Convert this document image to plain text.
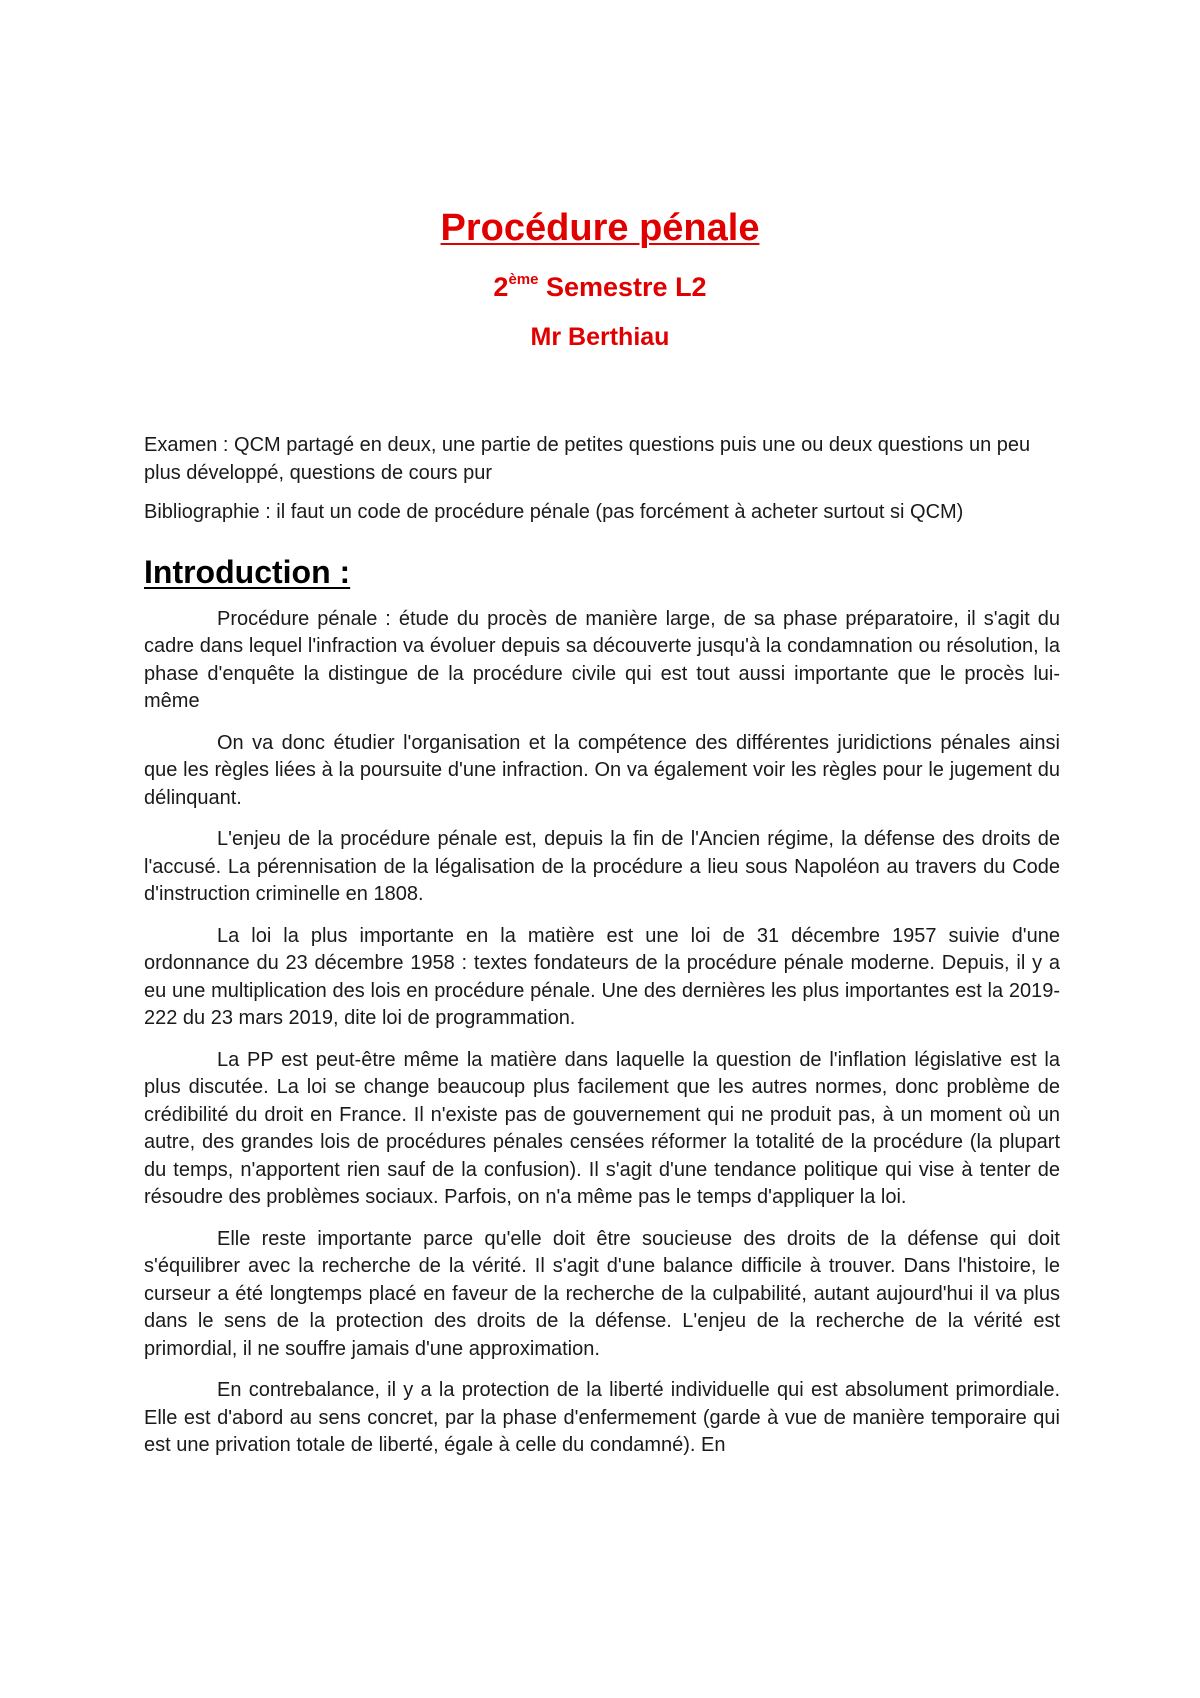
Procédure pénale
2ème Semestre L2
Mr Berthiau

Examen : QCM partagé en deux, une partie de petites questions puis une ou deux questions un peu plus développé, questions de cours pur

Bibliographie : il faut un code de procédure pénale (pas forcément à acheter surtout si QCM)

Introduction :

Procédure pénale : étude du procès de manière large, de sa phase préparatoire, il s'agit du cadre dans lequel l'infraction va évoluer depuis sa découverte jusqu'à la condamnation ou résolution, la phase d'enquête la distingue de la procédure civile qui est tout aussi importante que le procès lui-même

On va donc étudier l'organisation et la compétence des différentes juridictions pénales ainsi que les règles liées à la poursuite d'une infraction. On va également voir les règles pour le jugement du délinquant.

L'enjeu de la procédure pénale est, depuis la fin de l'Ancien régime, la défense des droits de l'accusé. La pérennisation de la légalisation de la procédure a lieu sous Napoléon au travers du Code d'instruction criminelle en 1808.

La loi la plus importante en la matière est une loi de 31 décembre 1957 suivie d'une ordonnance du 23 décembre 1958 : textes fondateurs de la procédure pénale moderne. Depuis, il y a eu une multiplication des lois en procédure pénale. Une des dernières les plus importantes est la 2019-222 du 23 mars 2019, dite loi de programmation.

La PP est peut-être même la matière dans laquelle la question de l'inflation législative est la plus discutée. La loi se change beaucoup plus facilement que les autres normes, donc problème de crédibilité du droit en France. Il n'existe pas de gouvernement qui ne produit pas, à un moment où un autre, des grandes lois de procédures pénales censées réformer la totalité de la procédure (la plupart du temps, n'apportent rien sauf de la confusion). Il s'agit d'une tendance politique qui vise à tenter de résoudre des problèmes sociaux. Parfois, on n'a même pas le temps d'appliquer la loi.

Elle reste importante parce qu'elle doit être soucieuse des droits de la défense qui doit s'équilibrer avec la recherche de la vérité. Il s'agit d'une balance difficile à trouver. Dans l'histoire, le curseur a été longtemps placé en faveur de la recherche de la culpabilité, autant aujourd'hui il va plus dans le sens de la protection des droits de la défense. L'enjeu de la recherche de la vérité est primordial, il ne souffre jamais d'une approximation.

En contrebalance, il y a la protection de la liberté individuelle qui est absolument primordiale. Elle est d'abord au sens concret, par la phase d'enfermement (garde à vue de manière temporaire qui est une privation totale de liberté, égale à celle du condamné). En
